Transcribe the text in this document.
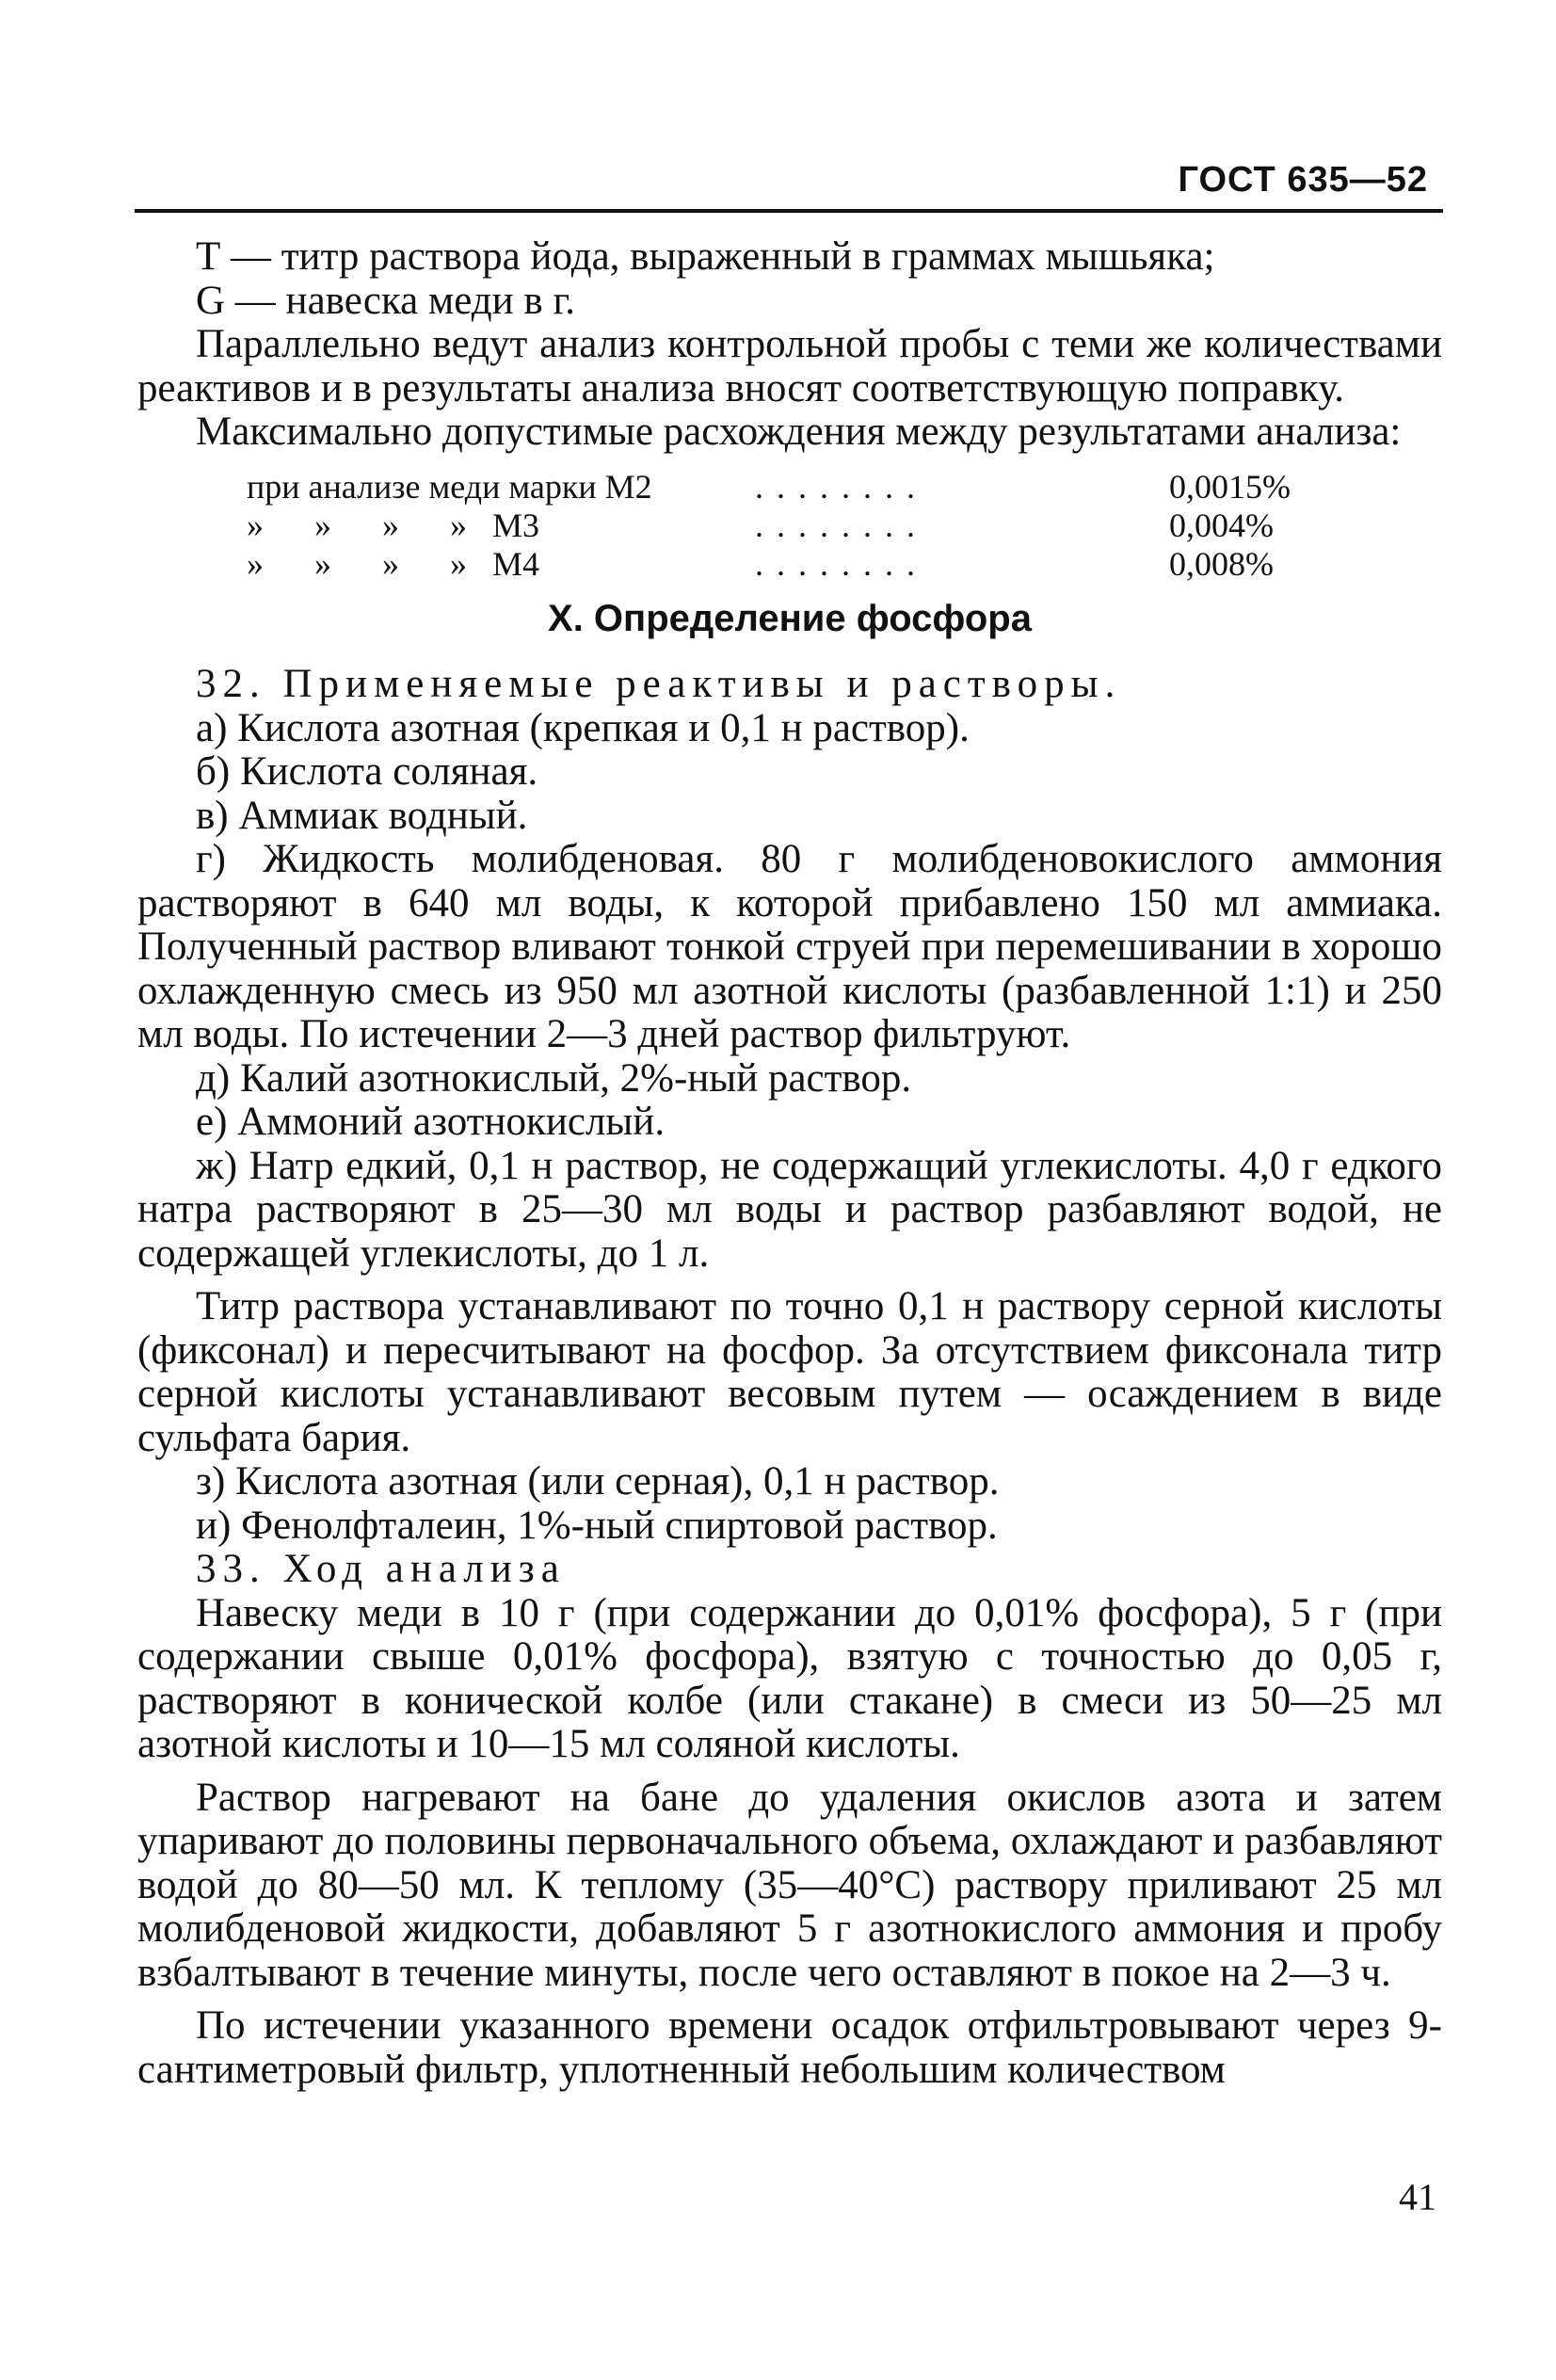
ГОСТ 635—52

Т — титр раствора йода, выраженный в граммах мышьяка;

G — навеска меди в г.

Параллельно ведут анализ контрольной пробы с теми же количествами реактивов и в результаты анализа вносят соответствующую поправку.

Максимально допустимые расхождения между результатами анализа:

при анализе меди марки М2	........	0,0015%
»      »      »      »   М3	........	0,004%
»      »      »      »   М4	........	0,008%
X. Определение фосфора

32. Применяемые реактивы и растворы.

а) Кислота азотная (крепкая и 0,1 н раствор).

б) Кислота соляная.

в) Аммиак водный.

г) Жидкость молибденовая. 80 г молибденовокислого аммония растворяют в 640 мл воды, к которой прибавлено 150 мл аммиака. Полученный раствор вливают тонкой струей при перемешивании в хорошо охлажденную смесь из 950 мл азотной кислоты (разбавленной 1:1) и 250 мл воды. По истечении 2—3 дней раствор фильтруют.

д) Калий азотнокислый, 2%-ный раствор.

е) Аммоний азотнокислый.

ж) Натр едкий, 0,1 н раствор, не содержащий углекислоты. 4,0 г едкого натра растворяют в 25—30 мл воды и раствор разбавляют водой, не содержащей углекислоты, до 1 л.

Титр раствора устанавливают по точно 0,1 н раствору серной кислоты (фиксонал) и пересчитывают на фосфор. За отсутствием фиксонала титр серной кислоты устанавливают весовым путем — осаждением в виде сульфата бария.

з) Кислота азотная (или серная), 0,1 н раствор.

и) Фенолфталеин, 1%-ный спиртовой раствор.

33. Ход анализа

Навеску меди в 10 г (при содержании до 0,01% фосфора), 5 г (при содержании свыше 0,01% фосфора), взятую с точностью до 0,05 г, растворяют в конической колбе (или стакане) в смеси из 50—25 мл азотной кислоты и 10—15 мл соляной кислоты.

Раствор нагревают на бане до удаления окислов азота и затем упаривают до половины первоначального объема, охлаждают и разбавляют водой до 80—50 мл. К теплому (35—40°C) раствору приливают 25 мл молибденовой жидкости, добавляют 5 г азотнокислого аммония и пробу взбалтывают в течение минуты, после чего оставляют в покое на 2—3 ч.

По истечении указанного времени осадок отфильтровывают через 9-сантиметровый фильтр, уплотненный небольшим количеством

41
